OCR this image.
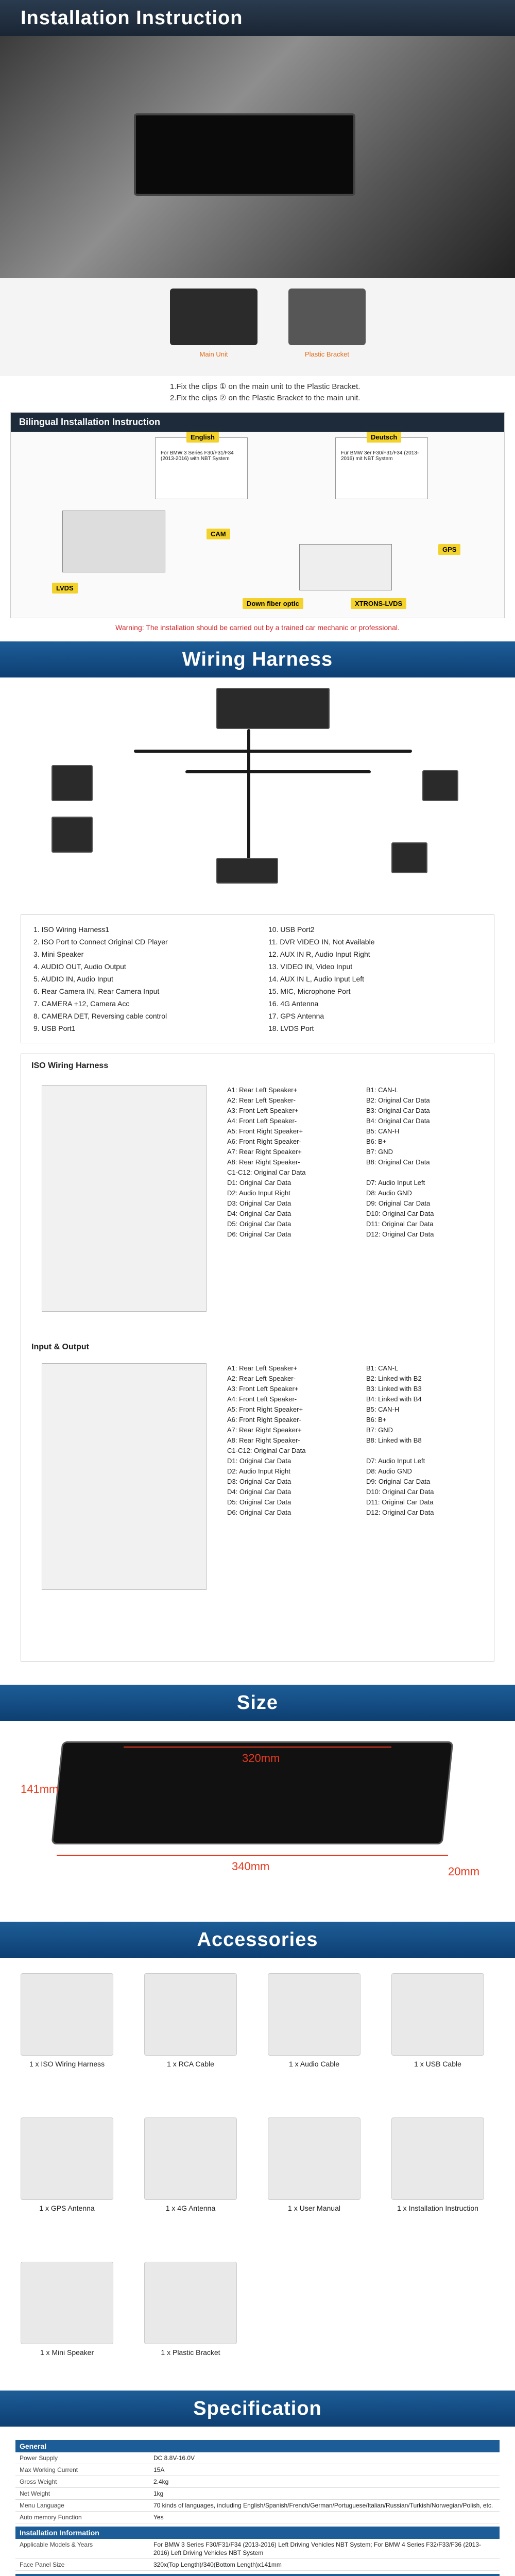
Installation Instruction
Main Unit	Plastic Bracket
1.Fix the clips ① on the main unit to the Plastic Bracket.
2.Fix the clips ② on the Plastic Bracket to the main unit.
Bilingual Installation Instruction
English
For BMW 3 Series F30/F31/F34 (2013-2016) with NBT System
Deutsch
Für BMW 3er F30/F31/F34 (2013-2016) mit NBT System
CAM
GPS
LVDS
Down fiber optic	XTRONS-LVDS
Warning: The installation should be carried out by a trained car mechanic or professional.
Wiring Harness
1. ISO Wiring Harness1
2. ISO Port to Connect Original CD Player
3. Mini Speaker
4. AUDIO OUT, Audio Output
5. AUDIO IN, Audio Input
6. Rear Camera IN, Rear Camera Input
7. CAMERA +12, Camera Acc
8. CAMERA DET, Reversing cable control
9. USB Port1
10. USB Port2
11. DVR VIDEO IN, Not Available
12. AUX IN R, Audio Input Right
13. VIDEO IN, Video Input
14. AUX IN L, Audio Input Left
15. MIC, Microphone Port
16. 4G Antenna
17. GPS Antenna
18. LVDS Port
ISO Wiring Harness
A1: Rear Left Speaker+	B1: CAN-L
A2: Rear Left Speaker-	B2: Original Car Data
A3: Front Left Speaker+	B3: Original Car Data
A4: Front Left Speaker-	B4: Original Car Data
A5: Front Right Speaker+	B5: CAN-H
A6: Front Right Speaker-	B6: B+
A7: Rear Right Speaker+	B7: GND
A8: Rear Right Speaker-	B8: Original Car Data
C1-C12: Original Car Data
D1: Original Car Data	D7: Audio Input Left
D2: Audio Input Right	D8: Audio GND
D3: Original Car Data	D9: Original Car Data
D4: Original Car Data	D10: Original Car Data
D5: Original Car Data	D11: Original Car Data
D6: Original Car Data	D12: Original Car Data
Input & Output
A1: Rear Left Speaker+	B1: CAN-L
A2: Rear Left Speaker-	B2: Linked with B2
A3: Front Left Speaker+	B3: Linked with B3
A4: Front Left Speaker-	B4: Linked with B4
A5: Front Right Speaker+	B5: CAN-H
A6: Front Right Speaker-	B6: B+
A7: Rear Right Speaker+	B7: GND
A8: Rear Right Speaker-	B8: Linked with B8
C1-C12: Original Car Data
D1: Original Car Data	D7: Audio Input Left
D2: Audio Input Right	D8: Audio GND
D3: Original Car Data	D9: Original Car Data
D4: Original Car Data	D10: Original Car Data
D5: Original Car Data	D11: Original Car Data
D6: Original Car Data	D12: Original Car Data
Size
320mm
141mm
340mm	20mm
Accessories
1 x ISO Wiring Harness	1 x RCA Cable	1 x Audio Cable	1 x USB Cable
1 x GPS Antenna	1 x 4G Antenna	1 x User Manual	1 x Installation Instruction
1 x Mini Speaker	1 x Plastic Bracket
Specification
General
Power Supply	DC 8.8V-16.0V
Max Working Current	15A
Gross Weight	2.4kg
Net Weight	1kg
Menu Language	70 kinds of languages, including English/Spanish/French/German/Portuguese/Italian/Russian/Turkish/Norwegian/Polish, etc.
Auto memory Function	Yes
Installation Information
Applicable Models & Years	For BMW 3 Series F30/F31/F34 (2013-2016) Left Driving Vehicles NBT System; For BMW 4 Series F32/F33/F36 (2013-2016) Left Driving Vehicles NBT System
Face Panel Size	320x(Top Length)/340(Bottom Length)x141mm
